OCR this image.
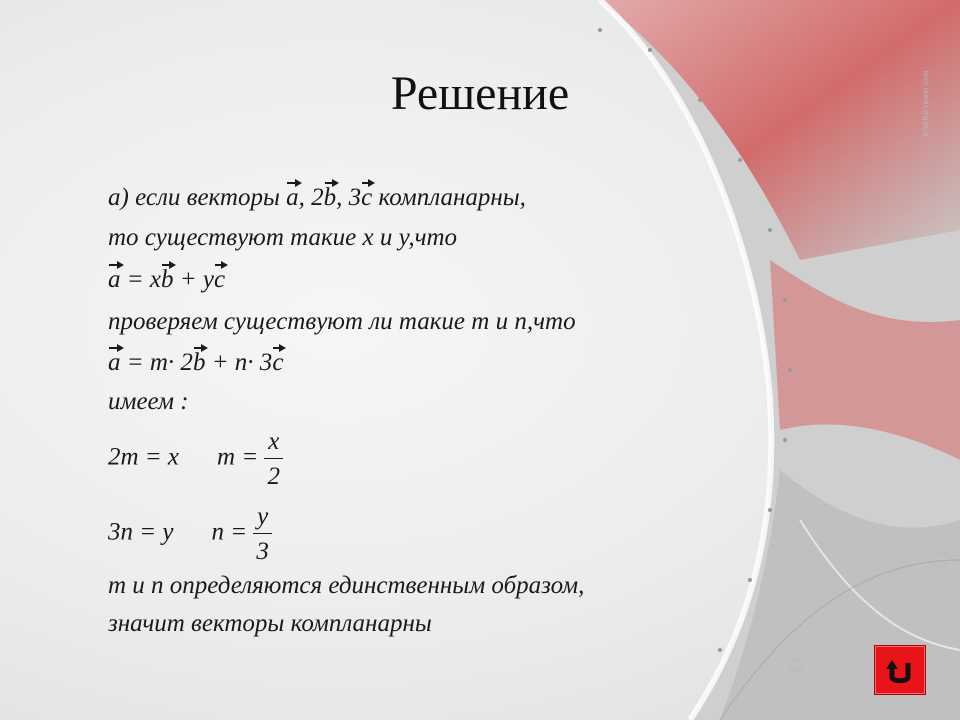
ENERGYpixel.com
Решение
а) если векторы a, 2b, 3c компланарны,
то существуют такие x и y,что
a = xb + yc
проверяем существуют ли такие m и n,что
a = m· 2b + n· 3c
имеем :
2m = x $m = \frac{x}{2}$
3n = y $n = \frac{y}{3}$
m и n определяются единственным образом,
значит векторы компланарны
